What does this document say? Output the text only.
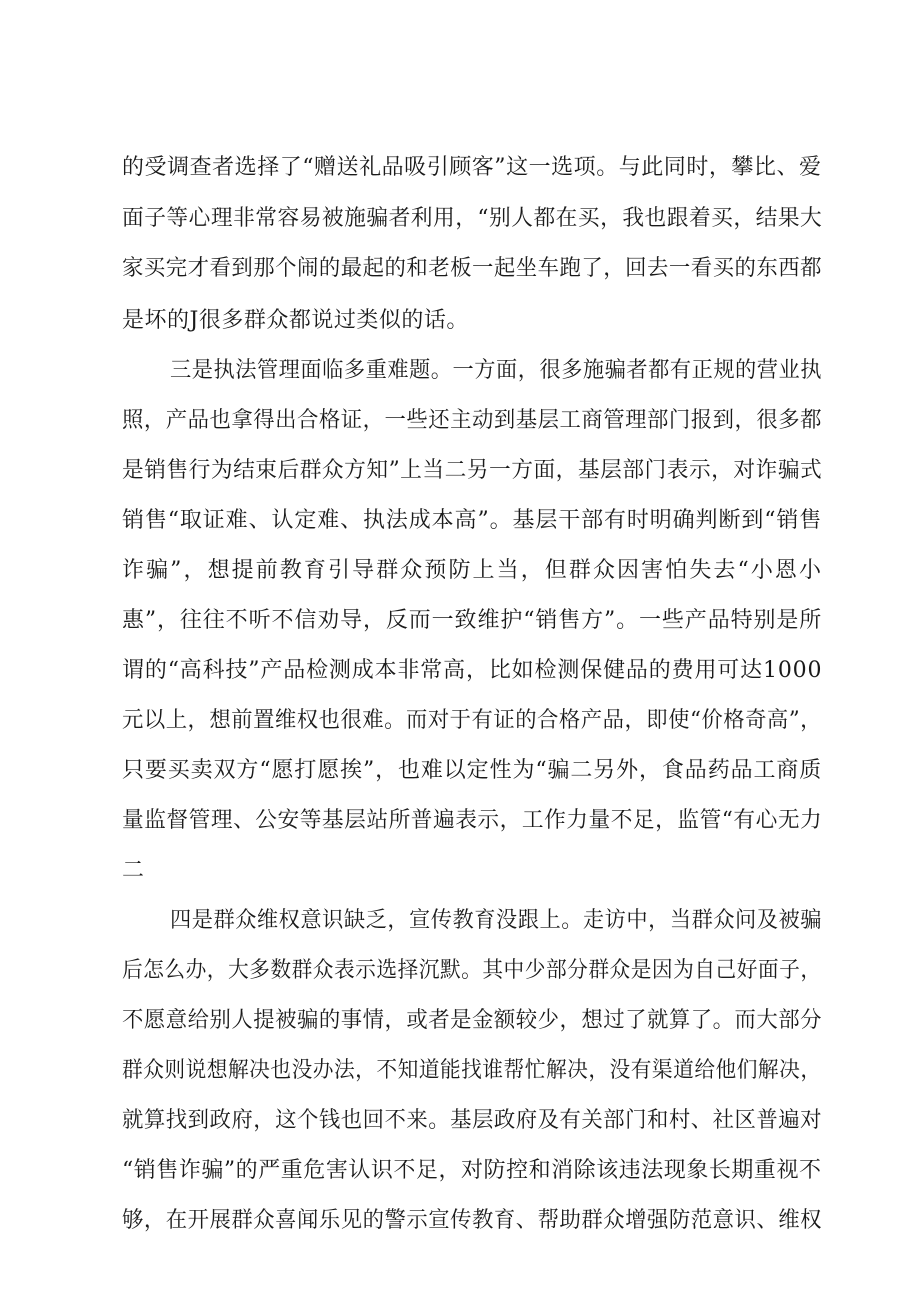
的受调查者选择了“赠送礼品吸引顾客”这一选项。与此同时，攀比、爱
面子等心理非常容易被施骗者利用，“别人都在买，我也跟着买，结果大
家买完才看到那个闹的最起的和老板一起坐车跑了，回去一看买的东西都
是坏的J很多群众都说过类似的话。
三是执法管理面临多重难题。一方面，很多施骗者都有正规的营业执
照，产品也拿得出合格证，一些还主动到基层工商管理部门报到，很多都
是销售行为结束后群众方知”上当二另一方面，基层部门表示，对诈骗式
销售“取证难、认定难、执法成本高”。基层干部有时明确判断到“销售
诈骗”，想提前教育引导群众预防上当，但群众因害怕失去“小恩小
惠”，往往不听不信劝导，反而一致维护“销售方”。一些产品特别是所
谓的“高科技”产品检测成本非常高，比如检测保健品的费用可达1000
元以上，想前置维权也很难。而对于有证的合格产品，即使“价格奇高”，
只要买卖双方“愿打愿挨”，也难以定性为“骗二另外，食品药品工商质
量监督管理、公安等基层站所普遍表示，工作力量不足，监管“有心无力
二
四是群众维权意识缺乏，宣传教育没跟上。走访中，当群众问及被骗
后怎么办，大多数群众表示选择沉默。其中少部分群众是因为自己好面子，
不愿意给别人提被骗的事情，或者是金额较少，想过了就算了。而大部分
群众则说想解决也没办法，不知道能找谁帮忙解决，没有渠道给他们解决，
就算找到政府，这个钱也回不来。基层政府及有关部门和村、社区普遍对
“销售诈骗”的严重危害认识不足，对防控和消除该违法现象长期重视不
够，在开展群众喜闻乐见的警示宣传教育、帮助群众增强防范意识、维权
